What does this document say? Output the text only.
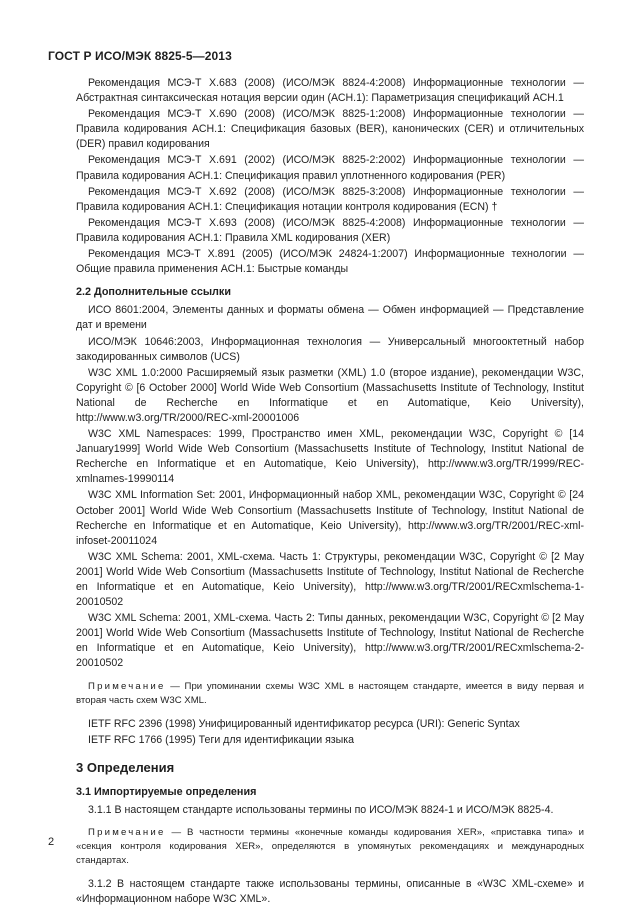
ГОСТ Р ИСО/МЭК 8825-5—2013

Рекомендация МСЭ-Т Х.683 (2008) (ИСО/МЭК 8824-4:2008) Информационные технологии — Абстрактная синтаксическая нотация версии один (АСН.1): Параметризация спецификаций АСН.1

Рекомендация МСЭ-Т Х.690 (2008) (ИСО/МЭК 8825-1:2008) Информационные технологии — Правила кодирования АСН.1: Спецификация базовых (BER), канонических (CER) и отличительных (DER) правил кодирования

Рекомендация МСЭ-Т Х.691 (2002) (ИСО/МЭК 8825-2:2002) Информационные технологии — Правила кодирования АСН.1: Спецификация правил уплотненного кодирования (PER)

Рекомендация МСЭ-Т Х.692 (2008) (ИСО/МЭК 8825-3:2008) Информационные технологии — Правила кодирования АСН.1: Спецификация нотации контроля кодирования (ECN) †

Рекомендация МСЭ-Т Х.693 (2008) (ИСО/МЭК 8825-4:2008) Информационные технологии — Правила кодирования АСН.1: Правила XML кодирования (XER)

Рекомендация МСЭ-Т Х.891 (2005) (ИСО/МЭК 24824-1:2007) Информационные технологии — Общие правила применения АСН.1: Быстрые команды

2.2 Дополнительные ссылки

ИСО 8601:2004, Элементы данных и форматы обмена — Обмен информацией — Представление дат и времени

ИСО/МЭК 10646:2003, Информационная технология — Универсальный многооктетный набор закодированных символов (UCS)

W3C XML 1.0:2000 Расширяемый язык разметки (XML) 1.0 (второе издание), рекомендации W3C, Copyright © [6 October 2000] World Wide Web Consortium (Massachusetts Institute of Technology, Institut National de Recherche en Informatique et en Automatique, Keio University), http://www.w3.org/TR/2000/REC-xml-20001006

W3C XML Namespaces: 1999, Пространство имен XML, рекомендации W3C, Copyright © [14 January1999] World Wide Web Consortium (Massachusetts Institute of Technology, Institut National de Recherche en Informatique et en Automatique, Keio University), http://www.w3.org/TR/1999/REC-xmlnames-19990114

W3C XML Information Set: 2001, Информационный набор XML, рекомендации W3C, Copyright © [24 October 2001] World Wide Web Consortium (Massachusetts Institute of Technology, Institut National de Recherche en Informatique et en Automatique, Keio University), http://www.w3.org/TR/2001/REC-xml-infoset-20011024

W3C XML Schema: 2001, XML-схема. Часть 1: Структуры, рекомендации W3C, Copyright © [2 May 2001] World Wide Web Consortium (Massachusetts Institute of Technology, Institut National de Recherche en Informatique et en Automatique, Keio University), http://www.w3.org/TR/2001/RECxmlschema-1-20010502

W3C XML Schema: 2001, XML-схема. Часть 2: Типы данных, рекомендации W3C, Copyright © [2 May 2001] World Wide Web Consortium (Massachusetts Institute of Technology, Institut National de Recherche en Informatique et en Automatique, Keio University), http://www.w3.org/TR/2001/RECxmlschema-2-20010502

Примечание — При упоминании схемы W3C XML в настоящем стандарте, имеется в виду первая и вторая часть схем W3C XML.

IETF RFC 2396 (1998) Унифицированный идентификатор ресурса (URI): Generic Syntax

IETF RFC 1766 (1995) Теги для идентификации языка

3 Определения
3.1 Импортируемые определения

3.1.1 В настоящем стандарте использованы термины по ИСО/МЭК 8824-1 и ИСО/МЭК 8825-4.

Примечание — В частности термины «конечные команды кодирования XER», «приставка типа» и «секция контроля кодирования XER», определяются в упомянутых рекомендациях и международных стандартах.

3.1.2 В настоящем стандарте также использованы термины, описанные в «W3C XML-схеме» и «Информационном наборе W3C XML».

2
